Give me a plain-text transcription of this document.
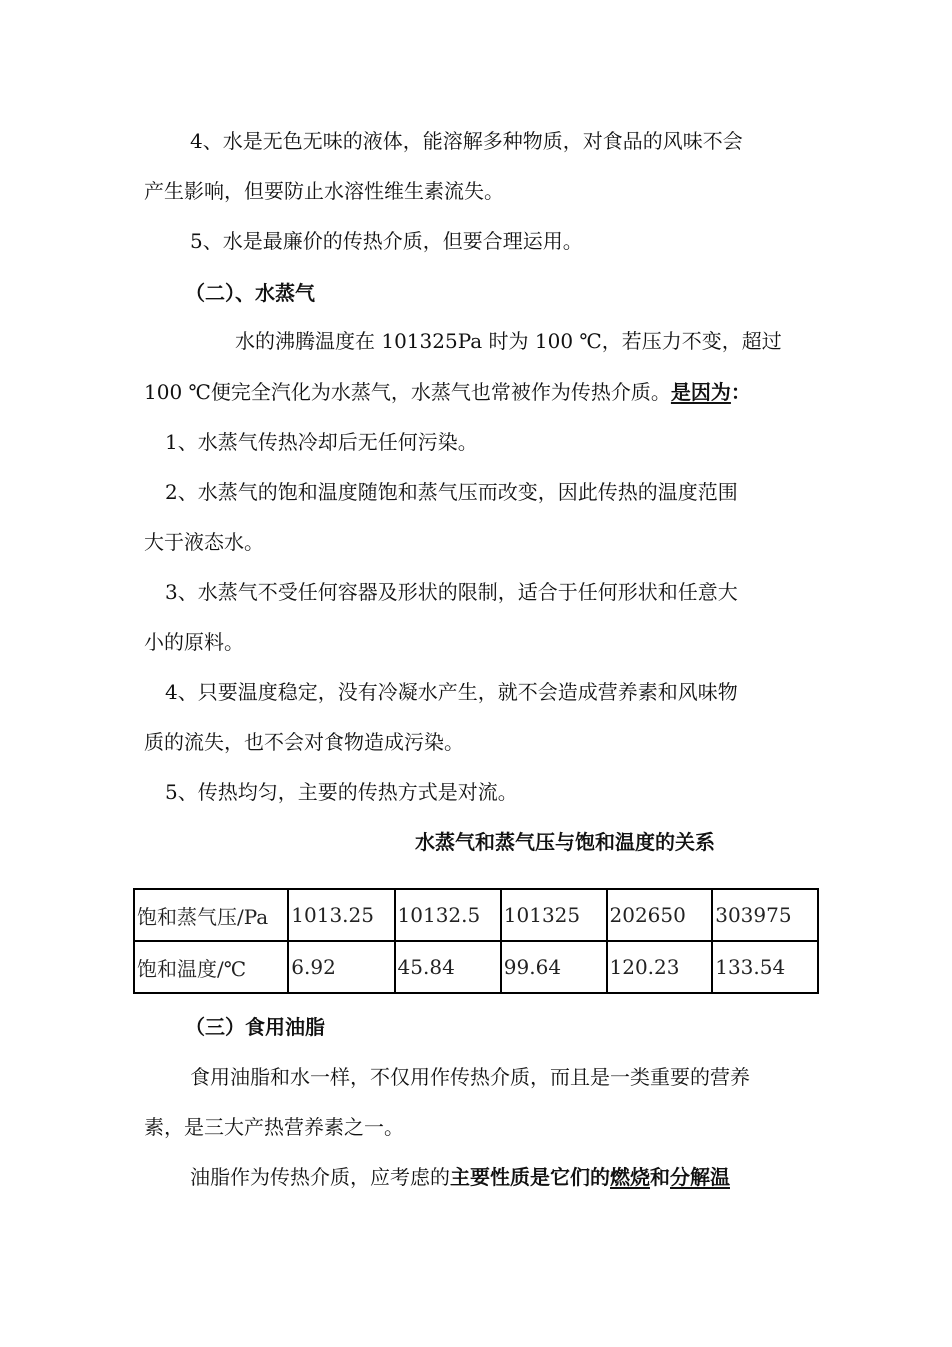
4、水是无色无味的液体，能溶解多种物质，对食品的风味不会
产生影响，但要防止水溶性维生素流失。
5、水是最廉价的传热介质，但要合理运用。
（二）、水蒸气
水的沸腾温度在 101325Pa 时为 100 ℃，若压力不变，超过
100 ℃便完全汽化为水蒸气，水蒸气也常被作为传热介质。是因为：
1、水蒸气传热冷却后无任何污染。
2、水蒸气的饱和温度随饱和蒸气压而改变，因此传热的温度范围
大于液态水。
3、水蒸气不受任何容器及形状的限制，适合于任何形状和任意大
小的原料。
4、只要温度稳定，没有冷凝水产生，就不会造成营养素和风味物
质的流失，也不会对食物造成污染。
5、传热均匀，主要的传热方式是对流。
水蒸气和蒸气压与饱和温度的关系
饱和蒸气压/Pa	1013.25	10132.5	101325	202650	303975
饱和温度/℃	6.92	45.84	99.64	120.23	133.54
（三）食用油脂
食用油脂和水一样，不仅用作传热介质，而且是一类重要的营养
素，是三大产热营养素之一。
油脂作为传热介质，应考虑的主要性质是它们的燃烧和分解温
